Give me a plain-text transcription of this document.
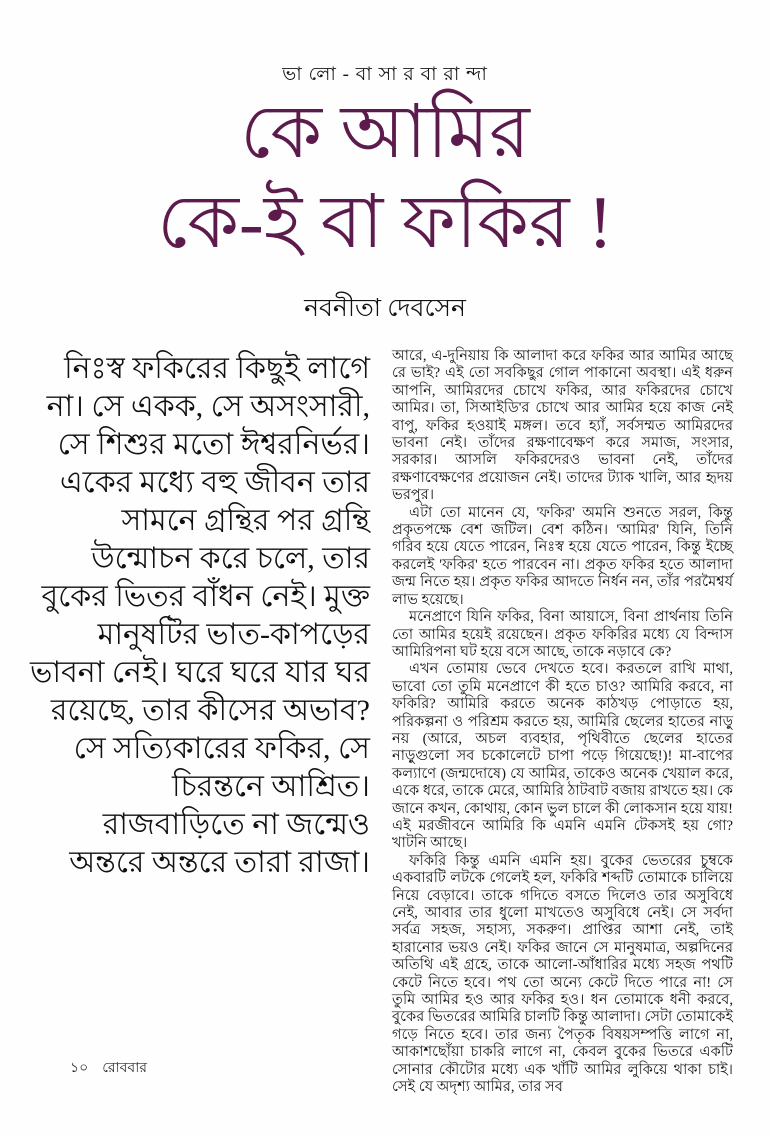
ভা লো - বা সা র বা রা ন্দা
কে আমির
কে-ই বা ফকির !
নবনীতা দেবসেন
নিঃস্ব ফকিরের কিছুই লাগে না। সে একক, সে অসংসারী, সে শিশুর মতো ঈশ্বরনির্ভর। একের মধ্যে বহু জীবন তার সামনে গ্রন্থির পর গ্রন্থি উন্মোচন করে চলে, তার বুকের ভিতর বাঁধন নেই। মুক্ত মানুষটির ভাত-কাপড়ের ভাবনা নেই। ঘরে ঘরে যার ঘর রয়েছে, তার কীসের অভাব? সে সত্যিকারের ফকির, সে চিরন্তনে আশ্রিত। রাজবাড়িতে না জন্মেও অন্তরে অন্তরে তারা রাজা।

আরে, এ-দুনিয়ায় কি আলাদা করে ফকির আর আমির আছে রে ভাই? এই তো সবকিছুর গোল পাকানো অবস্থা। এই ধরুন আপনি, আমিরদের চোখে ফকির, আর ফকিরদের চোখে আমির। তা, সিআইডি'র চোখে আর আমির হয়ে কাজ নেই বাপু, ফকির হওয়াই মঙ্গল। তবে হ্যাঁ, সর্বসম্মত আমিরদের ভাবনা নেই। তাঁদের রক্ষণাবেক্ষণ করে সমাজ, সংসার, সরকার। আসলি ফকিরদেরও ভাবনা নেই, তাঁদের রক্ষণাবেক্ষণের প্রয়োজন নেই। তাদের ট্যাক খালি, আর হৃদয় ভরপুর।

এটা তো মানেন যে, 'ফকির' অমনি শুনতে সরল, কিন্তু প্রকৃতপক্ষে বেশ জটিল। বেশ কঠিন। 'আমির' যিনি, তিনি গরিব হয়ে যেতে পারেন, নিঃস্ব হয়ে যেতে পারেন, কিন্তু ইচ্ছে করলেই 'ফকির' হতে পারবেন না। প্রকৃত ফকির হতে আলাদা জন্ম নিতে হয়। প্রকৃত ফকির আদতে নির্ধন নন, তাঁর পরমৈশ্বর্য লাভ হয়েছে।

মনেপ্রাণে যিনি ফকির, বিনা আয়াসে, বিনা প্রার্থনায় তিনি তো আমির হয়েই রয়েছেন। প্রকৃত ফকিরির মধ্যে যে বিন্দাস আমিরিপনা ঘট হয়ে বসে আছে, তাকে নড়াবে কে?

এখন তোমায় ভেবে দেখতে হবে। করতলে রাখি মাথা, ভাবো তো তুমি মনেপ্রাণে কী হতে চাও? আমিরি করবে, না ফকিরি? আমিরি করতে অনেক কাঠখড় পোড়াতে হয়, পরিকল্পনা ও পরিশ্রম করতে হয়, আমিরি ছেলের হাতের নাড়ু নয় (আরে, অচল ব্যবহার, পৃথিবীতে ছেলের হাতের নাড়ুগুলো সব চকোলেটে চাপা পড়ে গিয়েছে!)! মা-বাপের কল্যাণে (জন্মদোষে) যে আমির, তাকেও অনেক খেয়াল করে, একে ধরে, তাকে মেরে, আমিরি ঠাটবাট বজায় রাখতে হয়। কে জানে কখন, কোথায়, কোন ভুল চালে কী লোকসান হয়ে যায়! এই মরজীবনে আমিরি কি এমনি এমনি টেকসই হয় গো? খাটনি আছে।

ফকিরি কিন্তু এমনি এমনি হয়। বুকের ভেতরের চুম্বকে একবারটি লটকে গেলেই হল, ফকিরি শব্দটি তোমাকে চালিয়ে নিয়ে বেড়াবে। তাকে গদিতে বসতে দিলেও তার অসুবিধে নেই, আবার তার ধুলো মাখতেও অসুবিধে নেই। সে সর্বদা সর্বত্র সহজ, সহাস্য, সকরুণ। প্রাপ্তির আশা নেই, তাই হারানোর ভয়ও নেই। ফকির জানে সে মানুষমাত্র, অল্পদিনের অতিথি এই গ্রহে, তাকে আলো-আঁধারির মধ্যে সহজ পথটি কেটে নিতে হবে। পথ তো অন্যে কেটে দিতে পারে না! সে তুমি আমির হও আর ফকির হও। ধন তোমাকে ধনী করবে, বুকের ভিতরের আমিরি চালটি কিন্তু আলাদা। সেটা তোমাকেই গড়ে নিতে হবে। তার জন্য পৈতৃক বিষয়সম্পত্তি লাগে না, আকাশছোঁয়া চাকরি লাগে না, কেবল বুকের ভিতরে একটি সোনার কৌটোর মধ্যে এক খাঁটি আমির লুকিয়ে থাকা চাই। সেই যে অদৃশ্য আমির, তার সব

১০ রোববার
